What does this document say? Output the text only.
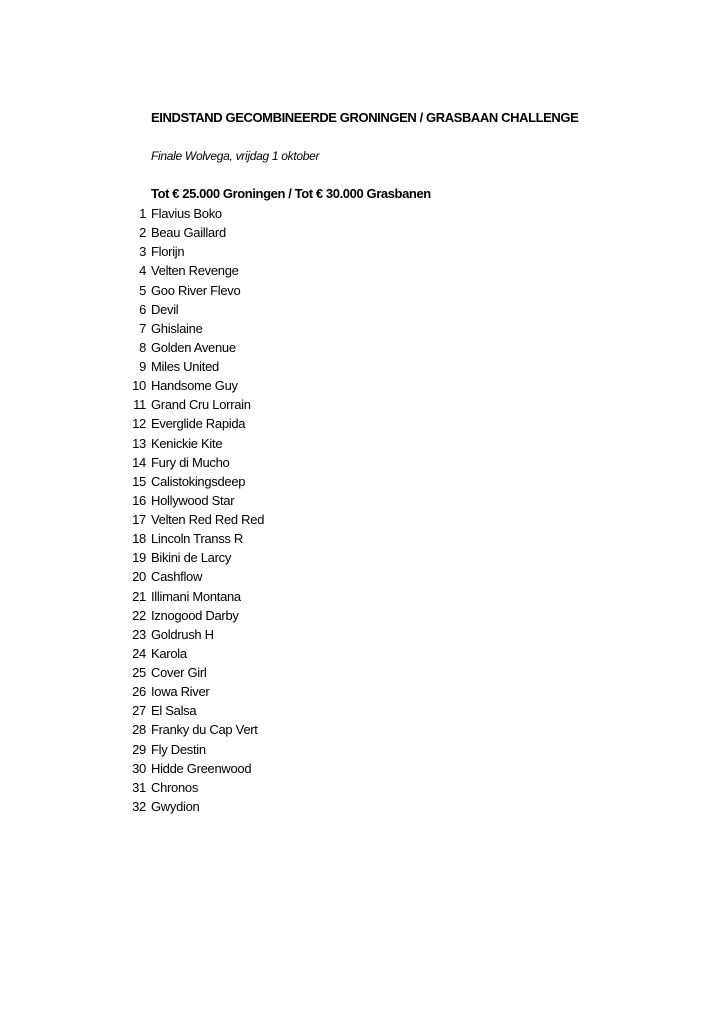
EINDSTAND GECOMBINEERDE GRONINGEN / GRASBAAN CHALLENGE
Finale Wolvega, vrijdag 1 oktober
Tot € 25.000 Groningen / Tot € 30.000 Grasbanen
1 Flavius Boko
2 Beau Gaillard
3 Florijn
4 Velten Revenge
5 Goo River Flevo
6 Devil
7 Ghislaine
8 Golden Avenue
9 Miles United
10 Handsome Guy
11 Grand Cru Lorrain
12 Everglide Rapida
13 Kenickie Kite
14 Fury di Mucho
15 Calistokingsdeep
16 Hollywood Star
17 Velten Red Red Red
18 Lincoln Transs R
19 Bikini de Larcy
20 Cashflow
21 Illimani Montana
22 Iznogood Darby
23 Goldrush H
24 Karola
25 Cover Girl
26 Iowa River
27 El Salsa
28 Franky du Cap Vert
29 Fly Destin
30 Hidde Greenwood
31 Chronos
32 Gwydion
